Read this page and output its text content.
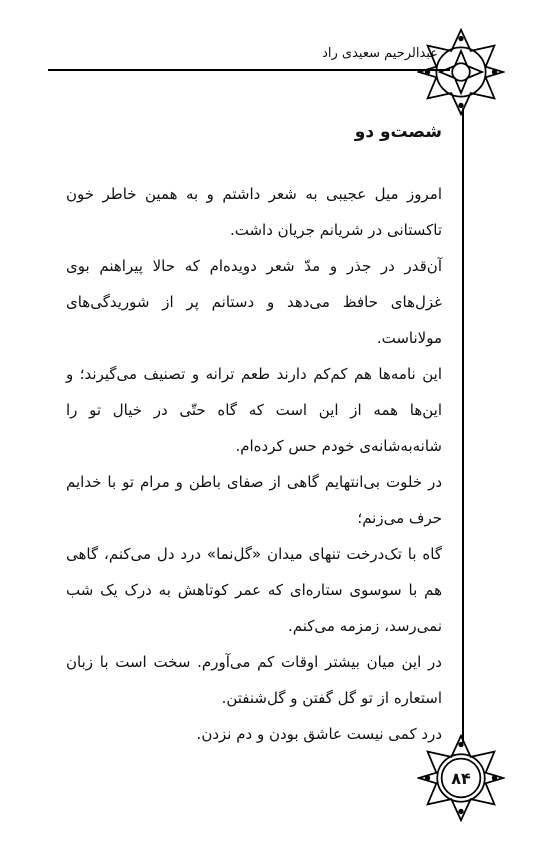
عبدالرحیم سعیدی راد
۸۴
شصت‌و دو

امروز میل عجیبی به شعر داشتم و به همین خاطر خون تاکستانی در شریانم جریان داشت.

آن‌قدر در جذر و مدّ شعر دویده‌ام که حالا پیراهنم بوی غزل‌های حافظ می‌دهد و دستانم پر از شوریدگی‌های مولاناست.

این نامه‌ها هم کم‌کم دارند طعم ترانه و تصنیف می‌گیرند؛ و این‌ها همه از این است که گاه حتّی در خیال تو را شانه‌به‌شانه‌ی خودم حس کرده‌ام.

در خلوت بی‌انتهایم گاهی از صفای باطن و مرام تو با خدایم حرف می‌زنم؛

گاه با تک‌درخت تنهای میدان «گل‌نما» درد دل می‌کنم، گاهی هم با سوسوی ستاره‌ای که عمر کوتاهش به درک یک شب نمی‌رسد، زمزمه می‌کنم.

در این میان بیشتر اوقات کم می‌آورم. سخت است با زبان استعاره از تو گل گفتن و گل‌شنفتن.

درد کمی نیست عاشق بودن و دم نزدن.
